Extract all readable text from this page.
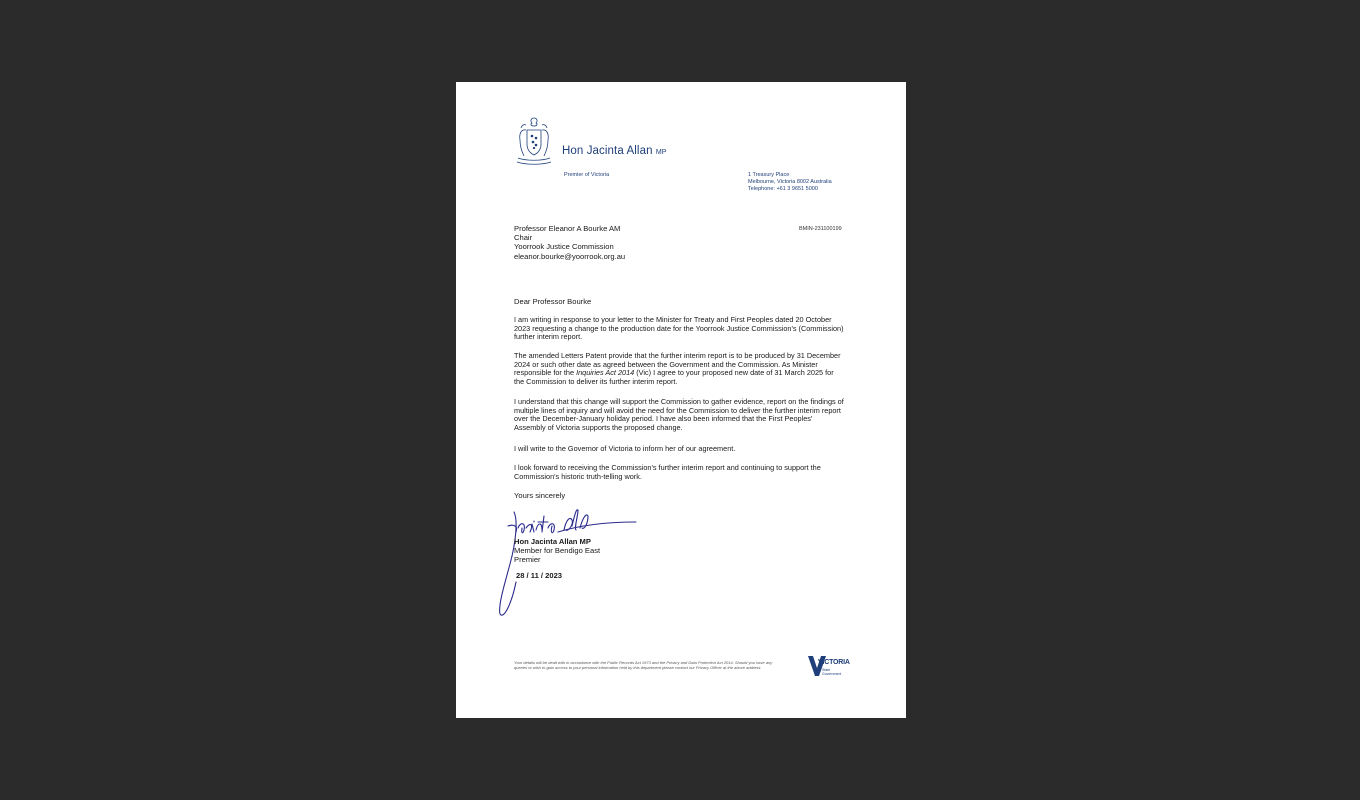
Hon Jacinta Allan MP
Premier of Victoria	1 Treasury Place
Melbourne, Victoria 8002 Australia
Telephone: +61 3 9651 5000
BMIN-231100199
Professor Eleanor A Bourke AM
Chair
Yoorrook Justice Commission
eleanor.bourke@yoorrook.org.au
Dear Professor Bourke
I am writing in response to your letter to the Minister for Treaty and First Peoples dated 20 October 2023 requesting a change to the production date for the Yoorrook Justice Commission's (Commission) further interim report.
The amended Letters Patent provide that the further interim report is to be produced by 31 December 2024 or such other date as agreed between the Government and the Commission. As Minister responsible for the Inquiries Act 2014 (Vic) I agree to your proposed new date of 31 March 2025 for the Commission to deliver its further interim report.
I understand that this change will support the Commission to gather evidence, report on the findings of multiple lines of inquiry and will avoid the need for the Commission to deliver the further interim report over the December-January holiday period. I have also been informed that the First Peoples' Assembly of Victoria supports the proposed change.
I will write to the Governor of Victoria to inform her of our agreement.
I look forward to receiving the Commission's further interim report and continuing to support the Commission's historic truth-telling work.
Yours sincerely
Hon Jacinta Allan MP
Member for Bendigo East
Premier
28 / 11 / 2023
Your details will be dealt with in accordance with the Public Records Act 1973 and the Privacy and Data Protection Act 2014. Should you have any queries or wish to gain access to your personal information held by this department please contact our Privacy Officer at the above address.
VICTORIA
State
Government
